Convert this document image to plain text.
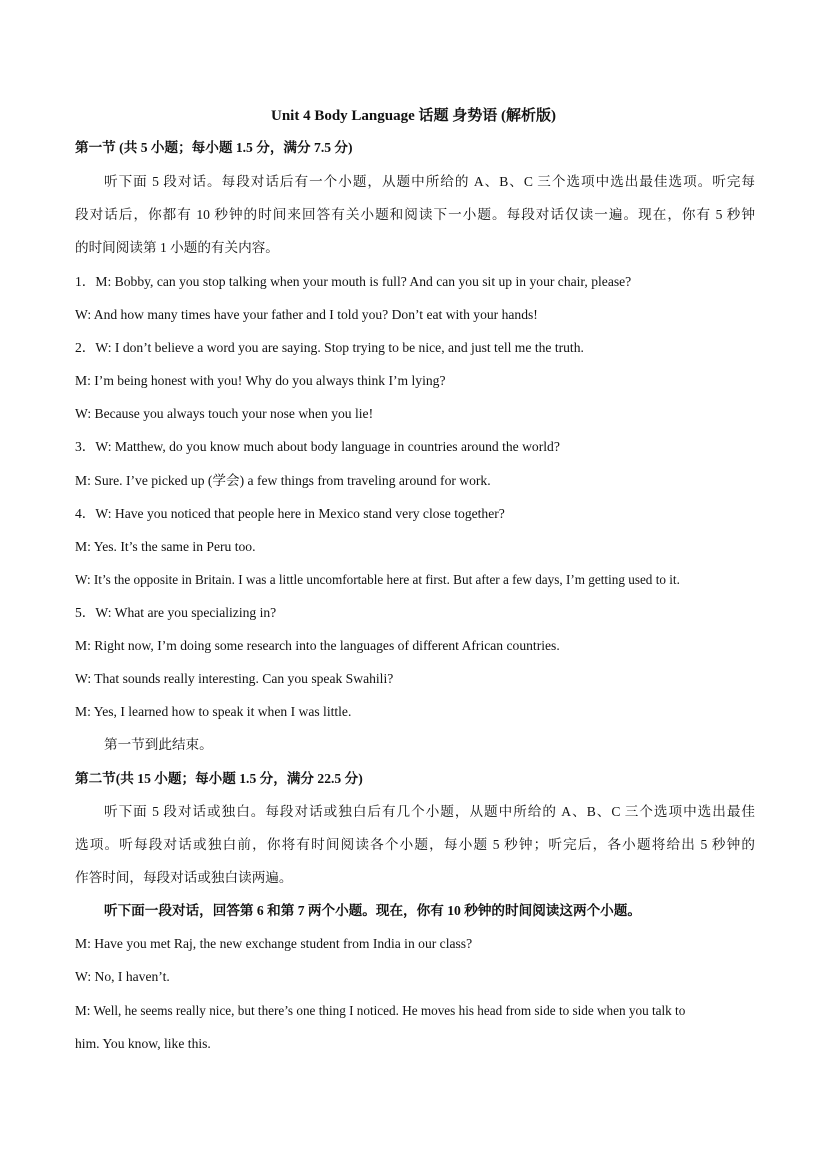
Unit 4 Body Language 话题 身势语 (解析版)
第一节 (共 5 小题；每小题 1.5 分，满分 7.5 分)
听下面 5 段对话。每段对话后有一个小题，从题中所给的 A、B、C 三个选项中选出最佳选项。听完每
段对话后，你都有 10 秒钟的时间来回答有关小题和阅读下一小题。每段对话仅读一遍。现在，你有 5 秒钟
的时间阅读第 1 小题的有关内容。
1．M: Bobby, can you stop talking when your mouth is full? And can you sit up in your chair, please?
W: And how many times have your father and I told you? Don’t eat with your hands!
2．W: I don’t believe a word you are saying. Stop trying to be nice, and just tell me the truth.
M: I’m being honest with you! Why do you always think I’m lying?
W: Because you always touch your nose when you lie!
3．W: Matthew, do you know much about body language in countries around the world?
M: Sure. I’ve picked up (学会) a few things from traveling around for work.
4．W: Have you noticed that people here in Mexico stand very close together?
M: Yes. It’s the same in Peru too.
W: It’s the opposite in Britain. I was a little uncomfortable here at first. But after a few days, I’m getting used to it.
5．W: What are you specializing in?
M: Right now, I’m doing some research into the languages of different African countries.
W: That sounds really interesting. Can you speak Swahili?
M: Yes, I learned how to speak it when I was little.
第一节到此结束。
第二节(共 15 小题；每小题 1.5 分，满分 22.5 分)
听下面 5 段对话或独白。每段对话或独白后有几个小题，从题中所给的 A、B、C 三个选项中选出最佳
选项。听每段对话或独白前，你将有时间阅读各个小题，每小题 5 秒钟；听完后，各小题将给出 5 秒钟的
作答时间，每段对话或独白读两遍。
听下面一段对话，回答第 6 和第 7 两个小题。现在，你有 10 秒钟的时间阅读这两个小题。
M: Have you met Raj, the new exchange student from India in our class?
W: No, I haven’t.
M: Well, he seems really nice, but there’s one thing I noticed. He moves his head from side to side when you talk to
him. You know, like this.
